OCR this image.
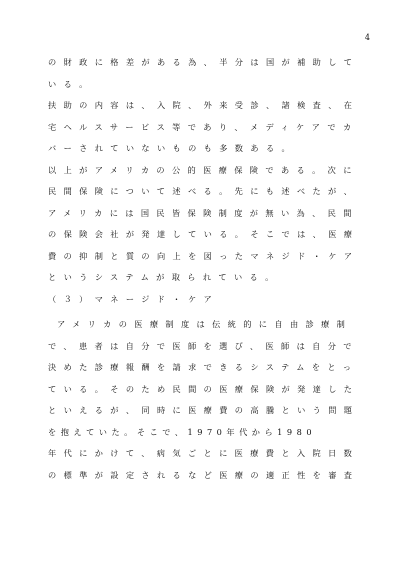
4
の財政に格差がある為、半分は国が補助して
いる。
扶助の内容は、入院、外来受診、諸検査、在
宅ヘルスサービス等であり、メディケアでカ
バーされていないものも多数ある。
以上がアメリカの公的医療保険である。次に
民間保険について述べる。先にも述べたが、
アメリカには国民皆保険制度が無い為、民間
の保険会社が発達している。そこでは、医療
費の抑制と質の向上を図ったマネジド・ケア
というシステムが取られている。
（３）マネージド・ケア
アメリカの医療制度は伝統的に自由診療制
で、患者は自分で医師を選び、医師は自分で
決めた診療報酬を請求できるシステムをとっ
ている。そのため民間の医療保険が発達した
といえるが、同時に医療費の高騰という問題
を抱えていた。そこで、1970年代から1980
年代にかけて、病気ごとに医療費と入院日数
の標準が設定されるなど医療の適正性を審査
